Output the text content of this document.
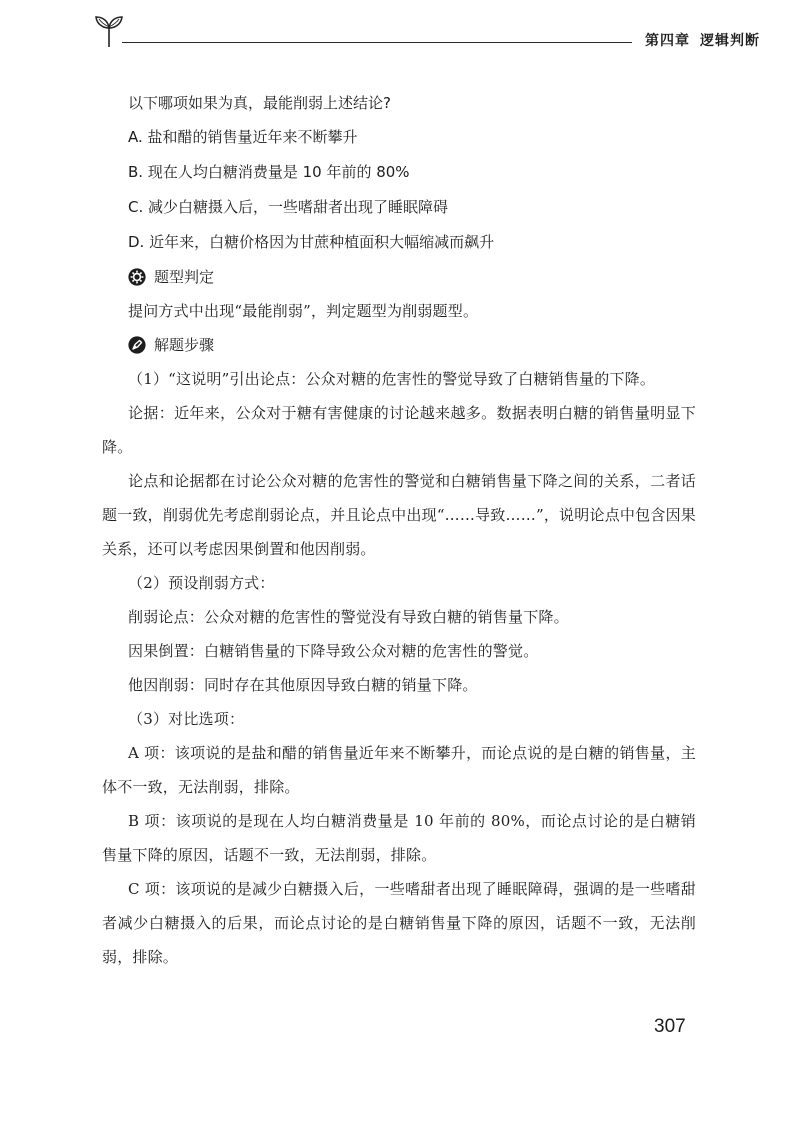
第四章 逻辑判断
以下哪项如果为真，最能削弱上述结论?
A. 盐和醋的销售量近年来不断攀升
B. 现在人均白糖消费量是 10 年前的 80%
C. 减少白糖摄入后，一些嗜甜者出现了睡眠障碍
D. 近年来，白糖价格因为甘蔗种植面积大幅缩减而飙升
题型判定

提问方式中出现“最能削弱”，判定题型为削弱题型。

解题步骤

（1）“这说明”引出论点：公众对糖的危害性的警觉导致了白糖销售量的下降。

论据：近年来，公众对于糖有害健康的讨论越来越多。数据表明白糖的销售量明显下降。

论点和论据都在讨论公众对糖的危害性的警觉和白糖销售量下降之间的关系，二者话题一致，削弱优先考虑削弱论点，并且论点中出现“……导致……”，说明论点中包含因果关系，还可以考虑因果倒置和他因削弱。

（2）预设削弱方式：

削弱论点：公众对糖的危害性的警觉没有导致白糖的销售量下降。

因果倒置：白糖销售量的下降导致公众对糖的危害性的警觉。

他因削弱：同时存在其他原因导致白糖的销量下降。

（3）对比选项：

A 项：该项说的是盐和醋的销售量近年来不断攀升，而论点说的是白糖的销售量，主体不一致，无法削弱，排除。

B 项：该项说的是现在人均白糖消费量是 10 年前的 80%，而论点讨论的是白糖销售量下降的原因，话题不一致，无法削弱，排除。

C 项：该项说的是减少白糖摄入后，一些嗜甜者出现了睡眠障碍，强调的是一些嗜甜者减少白糖摄入的后果，而论点讨论的是白糖销售量下降的原因，话题不一致，无法削弱，排除。

307
